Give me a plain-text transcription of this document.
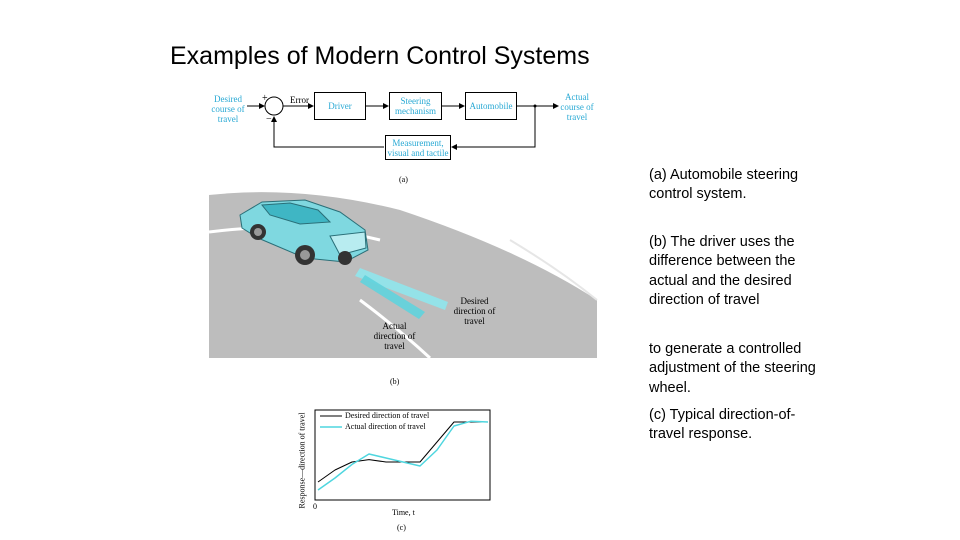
Examples of Modern Control Systems
Desired course of travel
+
−
Error
Driver	Steering mechanism	Automobile
Actual course of travel
Measurement, visual and tactile
(a)
Desired direction of travel
Actual direction of travel
(b)
Desired direction of travel
Actual direction of travel
Response—direction of travel 0
Time, t
(c)
(a) Automobile steering control system.
(b) The driver uses the difference between the actual and the desired direction of travel
to generate a controlled adjustment of the steering wheel.
(c) Typical direction-of-travel response.
